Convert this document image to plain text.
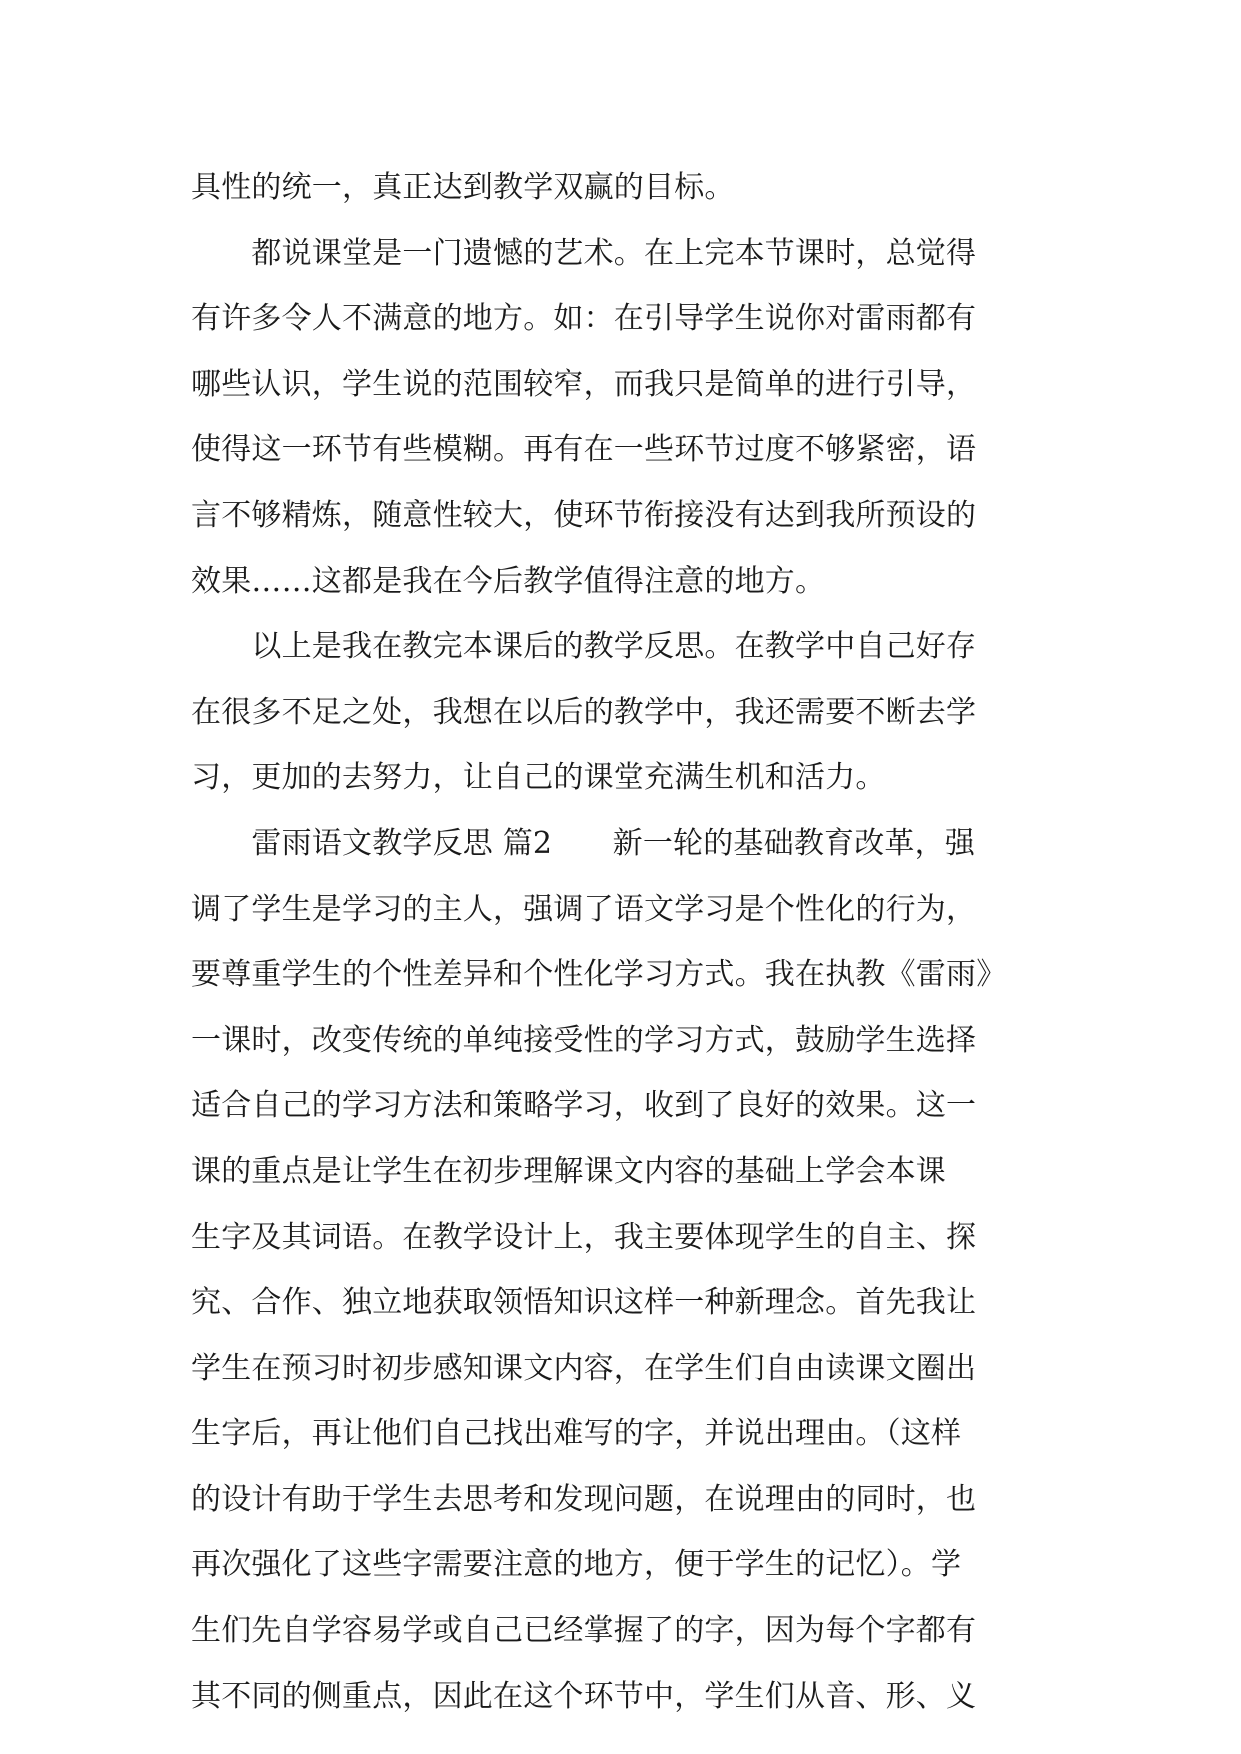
具性的统一，真正达到教学双赢的目标。
　　都说课堂是一门遗憾的艺术。在上完本节课时，总觉得
有许多令人不满意的地方。如：在引导学生说你对雷雨都有
哪些认识，学生说的范围较窄，而我只是简单的进行引导，
使得这一环节有些模糊。再有在一些环节过度不够紧密，语
言不够精炼，随意性较大，使环节衔接没有达到我所预设的
效果……这都是我在今后教学值得注意的地方。
　　以上是我在教完本课后的教学反思。在教学中自己好存
在很多不足之处，我想在以后的教学中，我还需要不断去学
习，更加的去努力，让自己的课堂充满生机和活力。
　　雷雨语文教学反思 篇2　　新一轮的基础教育改革，强
调了学生是学习的主人，强调了语文学习是个性化的行为，
要尊重学生的个性差异和个性化学习方式。我在执教《雷雨》
一课时，改变传统的单纯接受性的学习方式，鼓励学生选择
适合自己的学习方法和策略学习，收到了良好的效果。这一
课的重点是让学生在初步理解课文内容的基础上学会本课
生字及其词语。在教学设计上，我主要体现学生的自主、探
究、合作、独立地获取领悟知识这样一种新理念。首先我让
学生在预习时初步感知课文内容，在学生们自由读课文圈出
生字后，再让他们自己找出难写的字，并说出理由。（这样
的设计有助于学生去思考和发现问题，在说理由的同时，也
再次强化了这些字需要注意的地方，便于学生的记忆）。学
生们先自学容易学或自己已经掌握了的字，因为每个字都有
其不同的侧重点，因此在这个环节中，学生们从音、形、义
